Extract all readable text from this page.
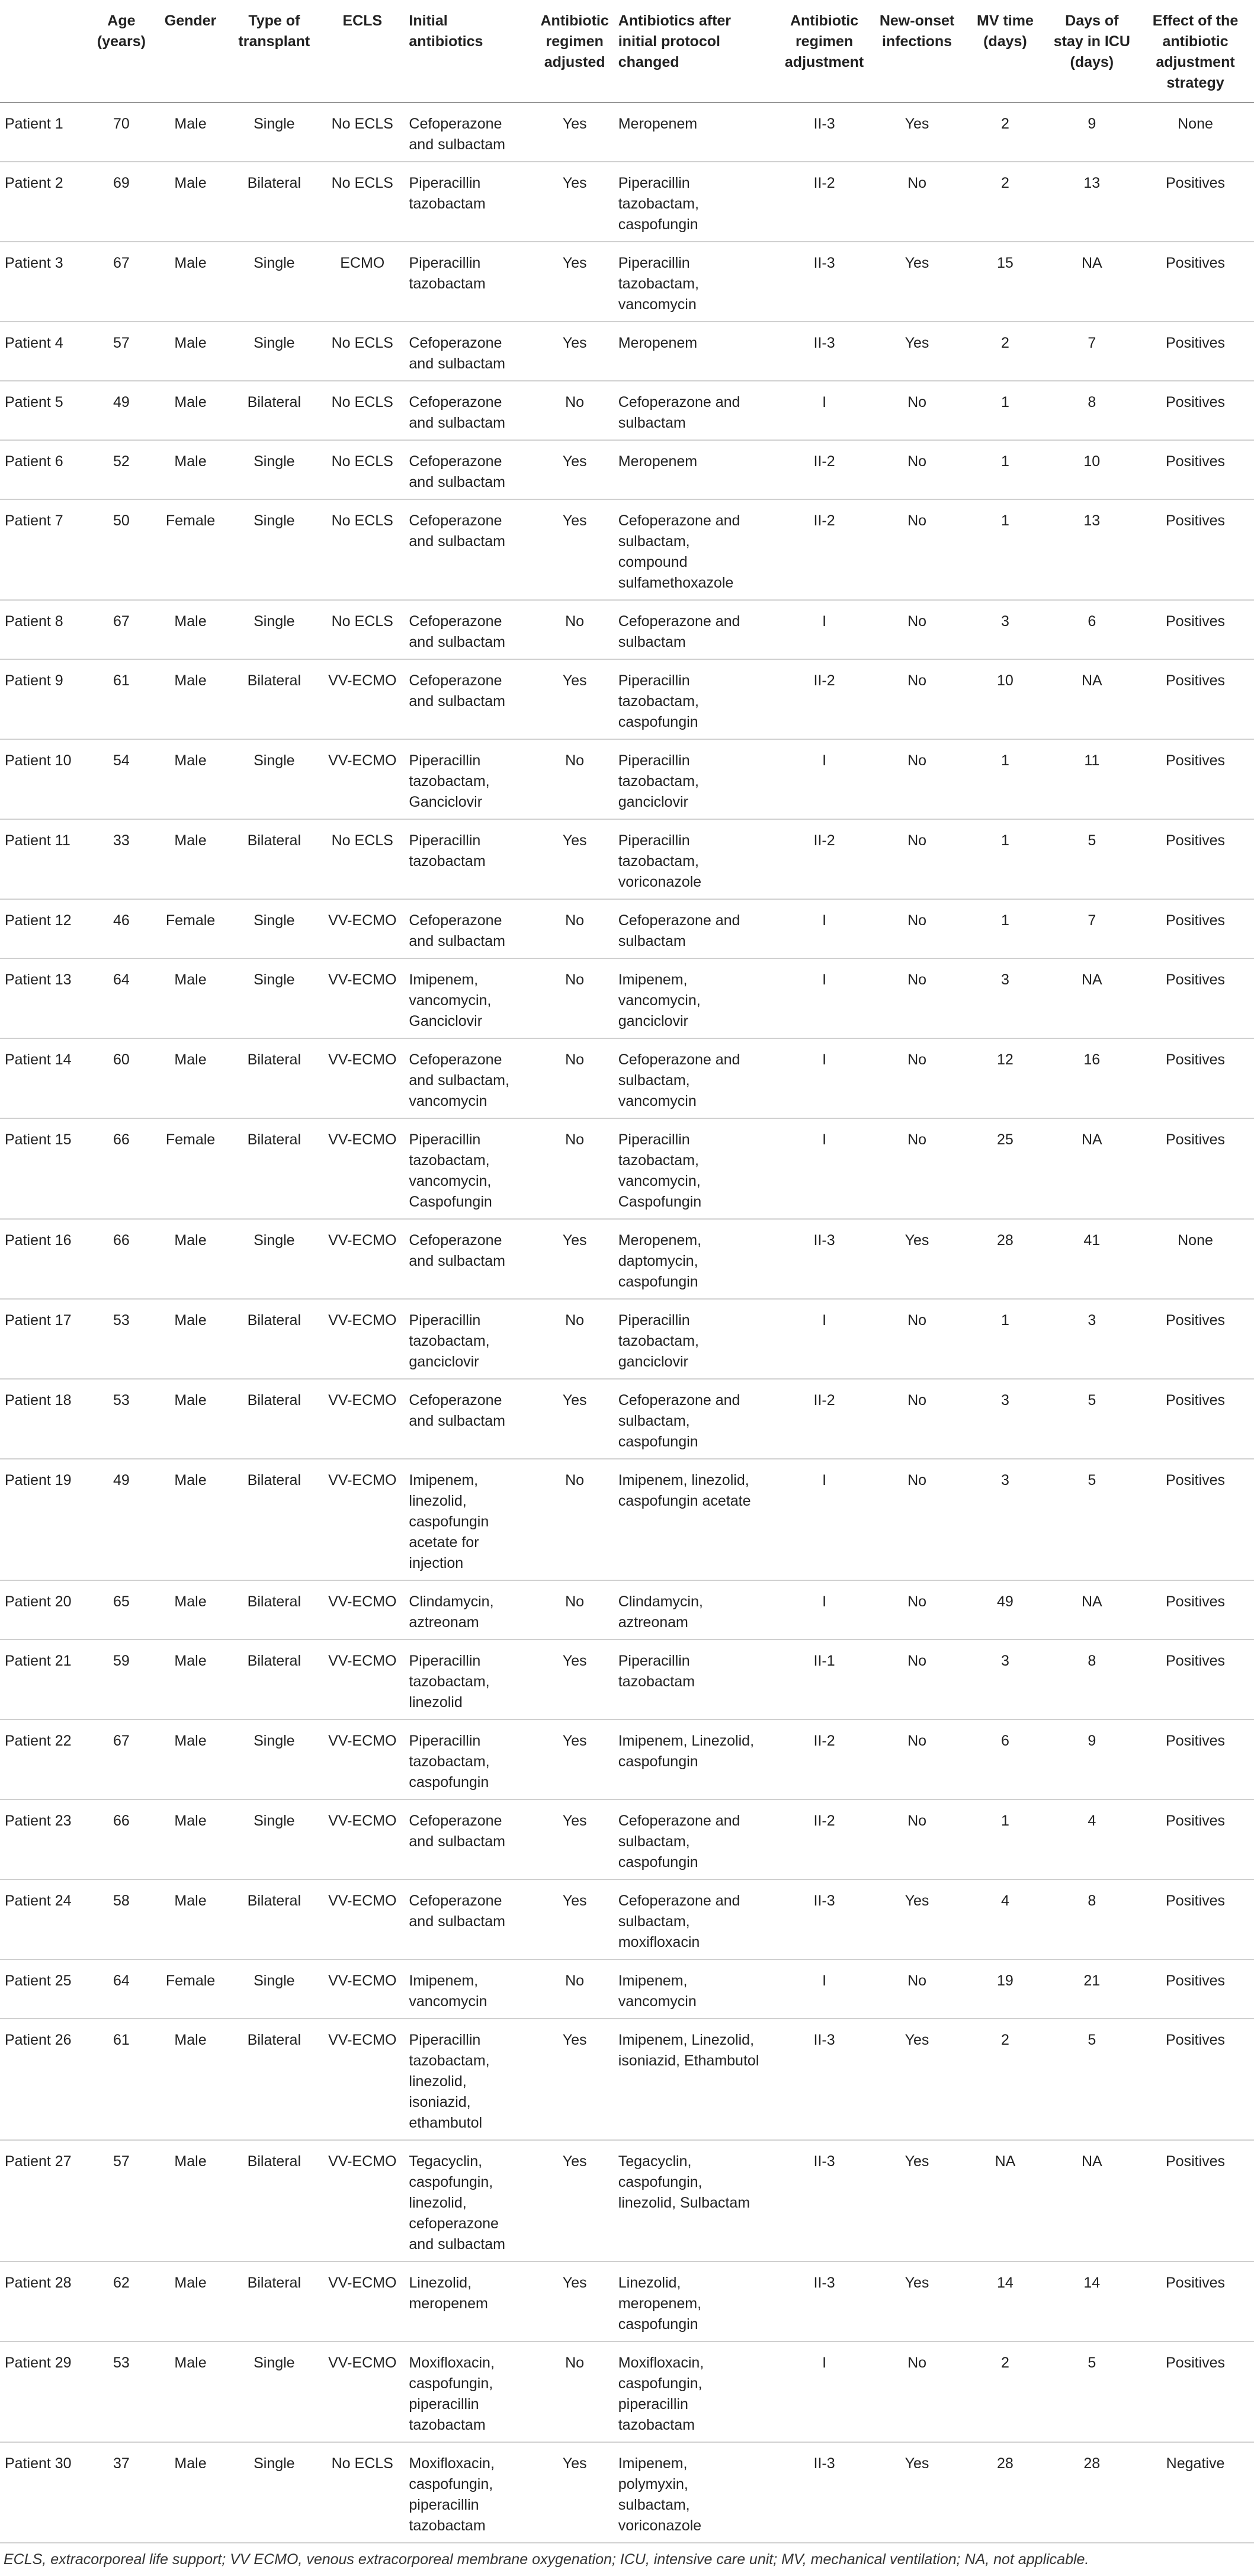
	Age
(years)	Gender	Type of
transplant	ECLS	Initial
antibiotics	Antibiotic
regimen
adjusted	Antibiotics after
initial protocol
changed	Antibiotic
regimen
adjustment	New-onset
infections	MV time
(days)	Days of
stay in ICU
(days)	Effect of the
antibiotic
adjustment
strategy
Patient 1	70	Male	Single	No ECLS	Cefoperazone
and sulbactam	Yes	Meropenem	II-3	Yes	2	9	None
Patient 2	69	Male	Bilateral	No ECLS	Piperacillin
tazobactam	Yes	Piperacillin
tazobactam,
caspofungin	II-2	No	2	13	Positives
Patient 3	67	Male	Single	ECMO	Piperacillin
tazobactam	Yes	Piperacillin
tazobactam,
vancomycin	II-3	Yes	15	NA	Positives
Patient 4	57	Male	Single	No ECLS	Cefoperazone
and sulbactam	Yes	Meropenem	II-3	Yes	2	7	Positives
Patient 5	49	Male	Bilateral	No ECLS	Cefoperazone
and sulbactam	No	Cefoperazone and
sulbactam	I	No	1	8	Positives
Patient 6	52	Male	Single	No ECLS	Cefoperazone
and sulbactam	Yes	Meropenem	II-2	No	1	10	Positives
Patient 7	50	Female	Single	No ECLS	Cefoperazone
and sulbactam	Yes	Cefoperazone and
sulbactam,
compound
sulfamethoxazole	II-2	No	1	13	Positives
Patient 8	67	Male	Single	No ECLS	Cefoperazone
and sulbactam	No	Cefoperazone and
sulbactam	I	No	3	6	Positives
Patient 9	61	Male	Bilateral	VV-ECMO	Cefoperazone
and sulbactam	Yes	Piperacillin
tazobactam,
caspofungin	II-2	No	10	NA	Positives
Patient 10	54	Male	Single	VV-ECMO	Piperacillin
tazobactam,
Ganciclovir	No	Piperacillin
tazobactam,
ganciclovir	I	No	1	11	Positives
Patient 11	33	Male	Bilateral	No ECLS	Piperacillin
tazobactam	Yes	Piperacillin
tazobactam,
voriconazole	II-2	No	1	5	Positives
Patient 12	46	Female	Single	VV-ECMO	Cefoperazone
and sulbactam	No	Cefoperazone and
sulbactam	I	No	1	7	Positives
Patient 13	64	Male	Single	VV-ECMO	Imipenem,
vancomycin,
Ganciclovir	No	Imipenem,
vancomycin,
ganciclovir	I	No	3	NA	Positives
Patient 14	60	Male	Bilateral	VV-ECMO	Cefoperazone
and sulbactam,
vancomycin	No	Cefoperazone and
sulbactam,
vancomycin	I	No	12	16	Positives
Patient 15	66	Female	Bilateral	VV-ECMO	Piperacillin
tazobactam,
vancomycin,
Caspofungin	No	Piperacillin
tazobactam,
vancomycin,
Caspofungin	I	No	25	NA	Positives
Patient 16	66	Male	Single	VV-ECMO	Cefoperazone
and sulbactam	Yes	Meropenem,
daptomycin,
caspofungin	II-3	Yes	28	41	None
Patient 17	53	Male	Bilateral	VV-ECMO	Piperacillin
tazobactam,
ganciclovir	No	Piperacillin
tazobactam,
ganciclovir	I	No	1	3	Positives
Patient 18	53	Male	Bilateral	VV-ECMO	Cefoperazone
and sulbactam	Yes	Cefoperazone and
sulbactam,
caspofungin	II-2	No	3	5	Positives
Patient 19	49	Male	Bilateral	VV-ECMO	Imipenem,
linezolid,
caspofungin
acetate for
injection	No	Imipenem, linezolid,
caspofungin acetate	I	No	3	5	Positives
Patient 20	65	Male	Bilateral	VV-ECMO	Clindamycin,
aztreonam	No	Clindamycin,
aztreonam	I	No	49	NA	Positives
Patient 21	59	Male	Bilateral	VV-ECMO	Piperacillin
tazobactam,
linezolid	Yes	Piperacillin
tazobactam	II-1	No	3	8	Positives
Patient 22	67	Male	Single	VV-ECMO	Piperacillin
tazobactam,
caspofungin	Yes	Imipenem, Linezolid,
caspofungin	II-2	No	6	9	Positives
Patient 23	66	Male	Single	VV-ECMO	Cefoperazone
and sulbactam	Yes	Cefoperazone and
sulbactam,
caspofungin	II-2	No	1	4	Positives
Patient 24	58	Male	Bilateral	VV-ECMO	Cefoperazone
and sulbactam	Yes	Cefoperazone and
sulbactam,
moxifloxacin	II-3	Yes	4	8	Positives
Patient 25	64	Female	Single	VV-ECMO	Imipenem,
vancomycin	No	Imipenem,
vancomycin	I	No	19	21	Positives
Patient 26	61	Male	Bilateral	VV-ECMO	Piperacillin
tazobactam,
linezolid,
isoniazid,
ethambutol	Yes	Imipenem, Linezolid,
isoniazid, Ethambutol	II-3	Yes	2	5	Positives
Patient 27	57	Male	Bilateral	VV-ECMO	Tegacyclin,
caspofungin,
linezolid,
cefoperazone
and sulbactam	Yes	Tegacyclin,
caspofungin,
linezolid, Sulbactam	II-3	Yes	NA	NA	Positives
Patient 28	62	Male	Bilateral	VV-ECMO	Linezolid,
meropenem	Yes	Linezolid,
meropenem,
caspofungin	II-3	Yes	14	14	Positives
Patient 29	53	Male	Single	VV-ECMO	Moxifloxacin,
caspofungin,
piperacillin
tazobactam	No	Moxifloxacin,
caspofungin,
piperacillin
tazobactam	I	No	2	5	Positives
Patient 30	37	Male	Single	No ECLS	Moxifloxacin,
caspofungin,
piperacillin
tazobactam	Yes	Imipenem,
polymyxin,
sulbactam,
voriconazole	II-3	Yes	28	28	Negative
ECLS, extracorporeal life support; VV ECMO, venous extracorporeal membrane oxygenation; ICU, intensive care unit; MV, mechanical ventilation; NA, not applicable.
